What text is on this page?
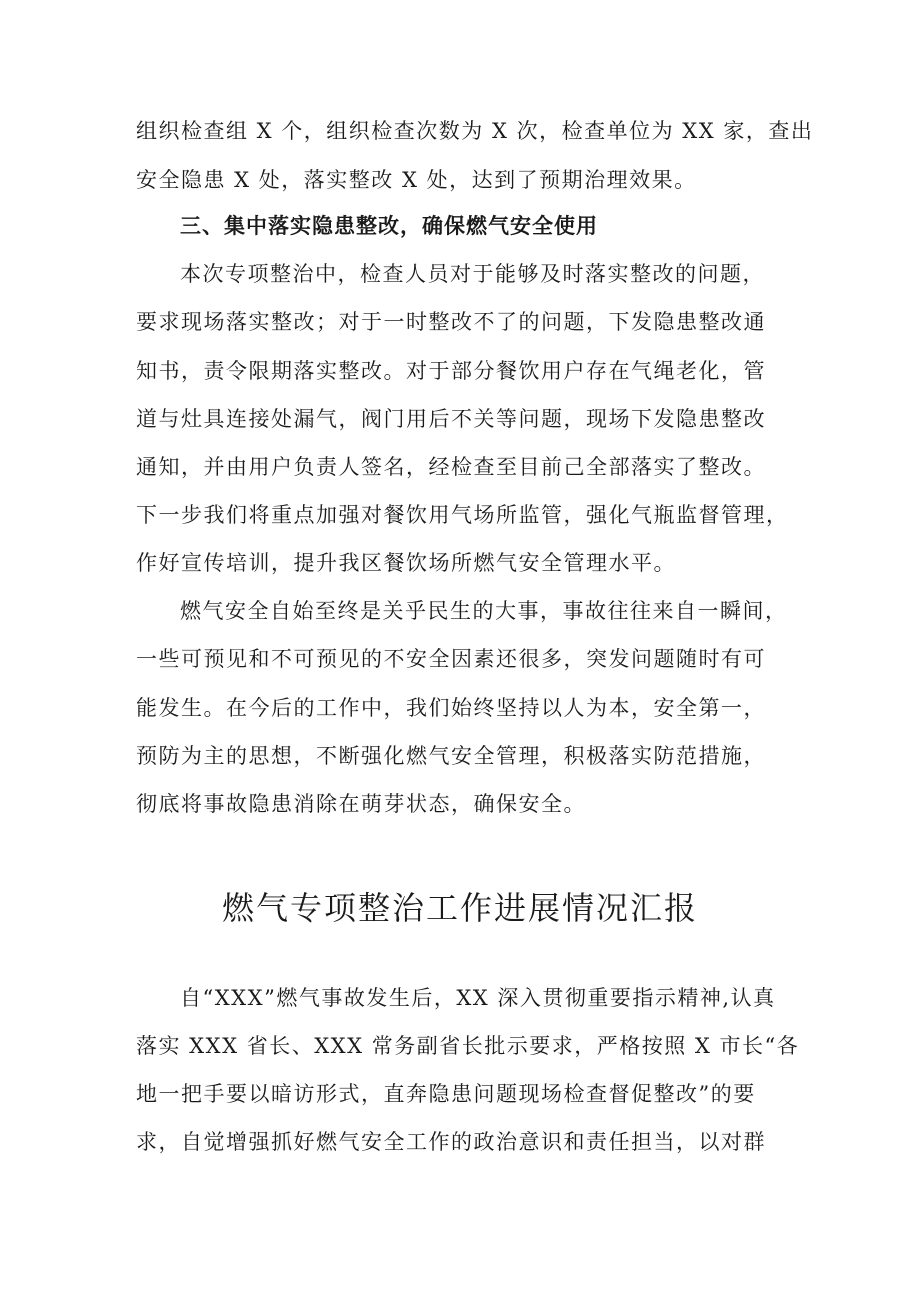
组织检查组 X 个，组织检查次数为 X 次，检查单位为 XX 家，查出
安全隐患 X 处，落实整改 X 处，达到了预期治理效果。
三、集中落实隐患整改，确保燃气安全使用
本次专项整治中，检查人员对于能够及时落实整改的问题，
要求现场落实整改；对于一时整改不了的问题，下发隐患整改通
知书，责令限期落实整改。对于部分餐饮用户存在气绳老化，管
道与灶具连接处漏气，阀门用后不关等问题，现场下发隐患整改
通知，并由用户负责人签名，经检查至目前己全部落实了整改。
下一步我们将重点加强对餐饮用气场所监管，强化气瓶监督管理，
作好宣传培训，提升我区餐饮场所燃气安全管理水平。
燃气安全自始至终是关乎民生的大事，事故往往来自一瞬间，
一些可预见和不可预见的不安全因素还很多，突发问题随时有可
能发生。在今后的工作中，我们始终坚持以人为本，安全第一，
预防为主的思想，不断强化燃气安全管理，积极落实防范措施，
彻底将事故隐患消除在萌芽状态，确保安全。
燃气专项整治工作进展情况汇报
自“XXX”燃气事故发生后，XX 深入贯彻重要指示精神,认真
落实 XXX 省长、XXX 常务副省长批示要求，严格按照 X 市长“各
地一把手要以暗访形式，直奔隐患问题现场检查督促整改”的要
求，自觉增强抓好燃气安全工作的政治意识和责任担当，以对群
